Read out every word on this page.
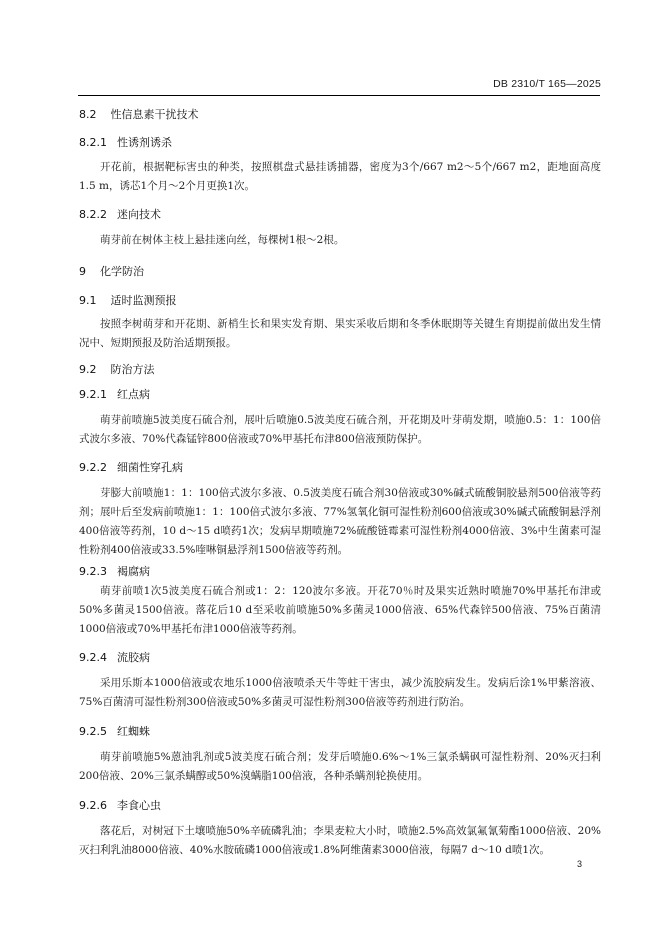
DB 2310/T 165—2025
8.2 性信息素干扰技术
8.2.1 性诱剂诱杀

开花前，根据靶标害虫的种类，按照棋盘式悬挂诱捕器，密度为3个/667 m2～5个/667 m2，距地面高度1.5 m，诱芯1个月～2个月更换1次。

8.2.2 迷向技术

萌芽前在树体主枝上悬挂迷向丝，每棵树1根～2根。

9 化学防治
9.1 适时监测预报

按照李树萌芽和开花期、新梢生长和果实发育期、果实采收后期和冬季休眠期等关键生育期提前做出发生情况中、短期预报及防治适期预报。

9.2 防治方法
9.2.1 红点病

萌芽前喷施5波美度石硫合剂，展叶后喷施0.5波美度石硫合剂，开花期及叶芽萌发期，喷施0.5：1：100倍式波尔多液、70%代森锰锌800倍液或70%甲基托布津800倍液预防保护。

9.2.2 细菌性穿孔病

芽膨大前喷施1：1：100倍式波尔多液、0.5波美度石硫合剂30倍液或30%碱式硫酸铜胶悬剂500倍液等药剂；展叶后至发病前喷施1：1：100倍式波尔多液、77%氢氧化铜可湿性粉剂600倍液或30%碱式硫酸铜悬浮剂400倍液等药剂，10 d～15 d喷药1次；发病早期喷施72%硫酸链霉素可湿性粉剂4000倍液、3%中生菌素可湿性粉剂400倍液或33.5%喹啉铜悬浮剂1500倍液等药剂。

9.2.3 褐腐病

萌芽前喷1次5波美度石硫合剂或1：2：120波尔多液。开花70％时及果实近熟时喷施70%甲基托布津或50%多菌灵1500倍液。落花后10 d至采收前喷施50%多菌灵1000倍液、65%代森锌500倍液、75%百菌清1000倍液或70%甲基托布津1000倍液等药剂。

9.2.4 流胶病

采用乐斯本1000倍液或农地乐1000倍液喷杀天牛等蛀干害虫，减少流胶病发生。发病后涂1%甲紫溶液、75%百菌清可湿性粉剂300倍液或50%多菌灵可湿性粉剂300倍液等药剂进行防治。

9.2.5 红蜘蛛

萌芽前喷施5%蒽油乳剂或5波美度石硫合剂；发芽后喷施0.6%～1%三氯杀螨砜可湿性粉剂、20%灭扫利200倍液、20%三氯杀螨醇或50%溴螨脂100倍液，各种杀螨剂轮换使用。

9.2.6 李食心虫

落花后，对树冠下土壤喷施50%辛硫磷乳油；李果麦粒大小时，喷施2.5%高效氯氟氰菊酯1000倍液、20%灭扫利乳油8000倍液、40%水胺硫磷1000倍液或1.8%阿维菌素3000倍液，每隔7 d～10 d喷1次。

3
